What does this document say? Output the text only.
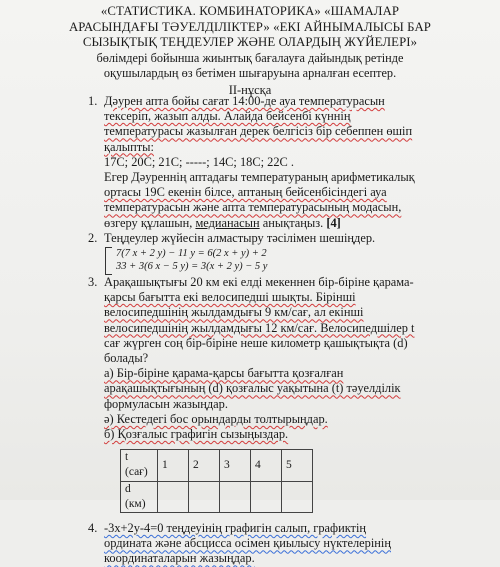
«СТАТИСТИКА. КОМБИНАТОРИКА» «ШАМАЛАР
АРАСЫНДАҒЫ ТӘУЕЛДІЛІКТЕР» «ЕКІ АЙНЫМАЛЫСЫ БАР
СЫЗЫҚТЫҚ ТЕҢДЕУЛЕР ЖӘНЕ ОЛАРДЫҢ ЖҮЙЕЛЕРІ»
бөлімдері бойынша жиынтық бағалауға дайындық ретінде
оқушылардың өз бетімен шығаруына арналған есептер.
II-нұсқа
1. Дәурен апта бойы сағат 14:00-де ауа температурасын
тексеріп, жазып алды. Алайда бейсенбі күннің
температурасы жазылған дерек белгісіз бір себеппен өшіп
қалыпты:
17С; 20С; 21С; -----; 14С; 18С; 22С .
Егер Дәуреннің аптадағы температураның арифметикалық
ортасы 19С екенін білсе, аптаның бейсенбісіндегі ауа
температурасын және апта температурасының модасын,
өзгеру құлашын, медианасын анықтаңыз. [4]
2. Теңдеулер жүйесін алмастыру тәсілімен шешіңдер.
7(7 x + 2 y) − 11 y = 6(2 x + y) + 2
33 + 3(6 x − 5 y) = 3(x + 2 y) − 5 y
3. Арақашықтығы 20 км екі елді мекеннен бір-біріне қарама-
қарсы бағытта екі велосипедші шықты. Біріншi
велосипедшінің жылдамдығы 9 км/сағ, ал екінші
велосипедшінің жылдамдығы 12 км/сағ. Велосипедшілер t
сағ жүрген соң бір-біріне неше километр қашықтықта (d)
болады?
а) Бір-біріне қарама-қарсы бағытта қозғалған
арақашықтығының (d) қозғалыс уақытына (t) тәуелділік
формуласын жазыңдар.
ә) Кестедегі бос орындарды толтырыңдар.
б) Қозғалыс графигін сызыңыздар.
t (сағ)	1	2	3	4	5
d (км)					
4. -3x+2y-4=0 теңдеуінің графигін салып, графиктің
ордината және абсцисса осімен қиылысу нүктелерінің
координаталарын жазыңдар.
